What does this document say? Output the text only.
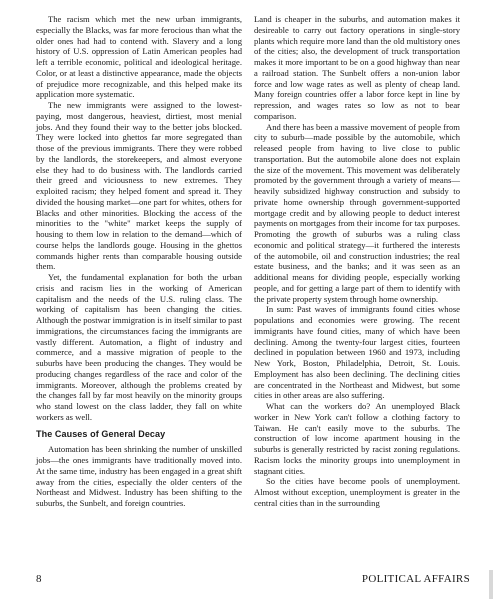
The racism which met the new urban immigrants, especially the Blacks, was far more ferocious than what the older ones had had to contend with. Slavery and a long history of U.S. oppression of Latin American peoples had left a terrible economic, political and ideological heritage. Color, or at least a distinctive appearance, made the objects of prejudice more recognizable, and this helped make its application more systematic.

The new immigrants were assigned to the lowest-paying, most dangerous, heaviest, dirtiest, most menial jobs. And they found their way to the better jobs blocked. They were locked into ghettos far more segregated than those of the previous immigrants. There they were robbed by the landlords, the storekeepers, and almost everyone else they had to do business with. The landlords carried their greed and viciousness to new extremes. They exploited racism; they helped foment and spread it. They divided the housing market—one part for whites, others for Blacks and other minorities. Blocking the access of the minorities to the "white" market keeps the supply of housing to them low in relation to the demand—which of course helps the landlords gouge. Housing in the ghettos commands higher rents than comparable housing outside them.

Yet, the fundamental explanation for both the urban crisis and racism lies in the working of American capitalism and the needs of the U.S. ruling class. The working of capitalism has been changing the cities. Although the postwar immigration is in itself similar to past immigrations, the circumstances facing the immigrants are vastly different. Automation, a flight of industry and commerce, and a massive migration of people to the suburbs have been producing the changes. They would be producing changes regardless of the race and color of the immigrants. Moreover, although the problems created by the changes fall by far most heavily on the minority groups who stand lowest on the class ladder, they fall on white workers as well.

The Causes of General Decay

Automation has been shrinking the number of unskilled jobs—the ones immigrants have traditionally moved into. At the same time, industry has been engaged in a great shift away from the cities, especially the older centers of the Northeast and Midwest. Industry has been shifting to the suburbs, the Sunbelt, and foreign countries.

Land is cheaper in the suburbs, and automation makes it desireable to carry out factory operations in single-story plants which require more land than the old multistory ones of the cities; also, the development of truck transportation makes it more important to be on a good highway than near a railroad station. The Sunbelt offers a non-union labor force and low wage rates as well as plenty of cheap land. Many foreign countries offer a labor force kept in line by repression, and wages rates so low as not to bear comparison.

And there has been a massive movement of people from city to suburb—made possible by the automobile, which released people from having to live close to public transportation. But the automobile alone does not explain the size of the movement. This movement was deliberately promoted by the government through a variety of means—heavily subsidized highway construction and subsidy to private home ownership through government-supported mortgage credit and by allowing people to deduct interest payments on mortgages from their income for tax purposes. Promoting the growth of suburbs was a ruling class economic and political strategy—it furthered the interests of the automobile, oil and construction industries; the real estate business, and the banks; and it was seen as an additional means for dividing people, especially working people, and for getting a large part of them to identify with the private property system through home ownership.

In sum: Past waves of immigrants found cities whose populations and economies were growing. The recent immigrants have found cities, many of which have been declining. Among the twenty-four largest cities, fourteen declined in population between 1960 and 1973, including New York, Boston, Philadelphia, Detroit, St. Louis. Employment has also been declining. The declining cities are concentrated in the Northeast and Midwest, but some cities in other areas are also suffering.

What can the workers do? An unemployed Black worker in New York can't follow a clothing factory to Taiwan. He can't easily move to the suburbs. The construction of low income apartment housing in the suburbs is generally restricted by racist zoning regulations. Racism locks the minority groups into unemployment in stagnant cities.

So the cities have become pools of unemployment. Almost without exception, unemployment is greater in the central cities than in the surrounding

8	POLITICAL AFFAIRS
